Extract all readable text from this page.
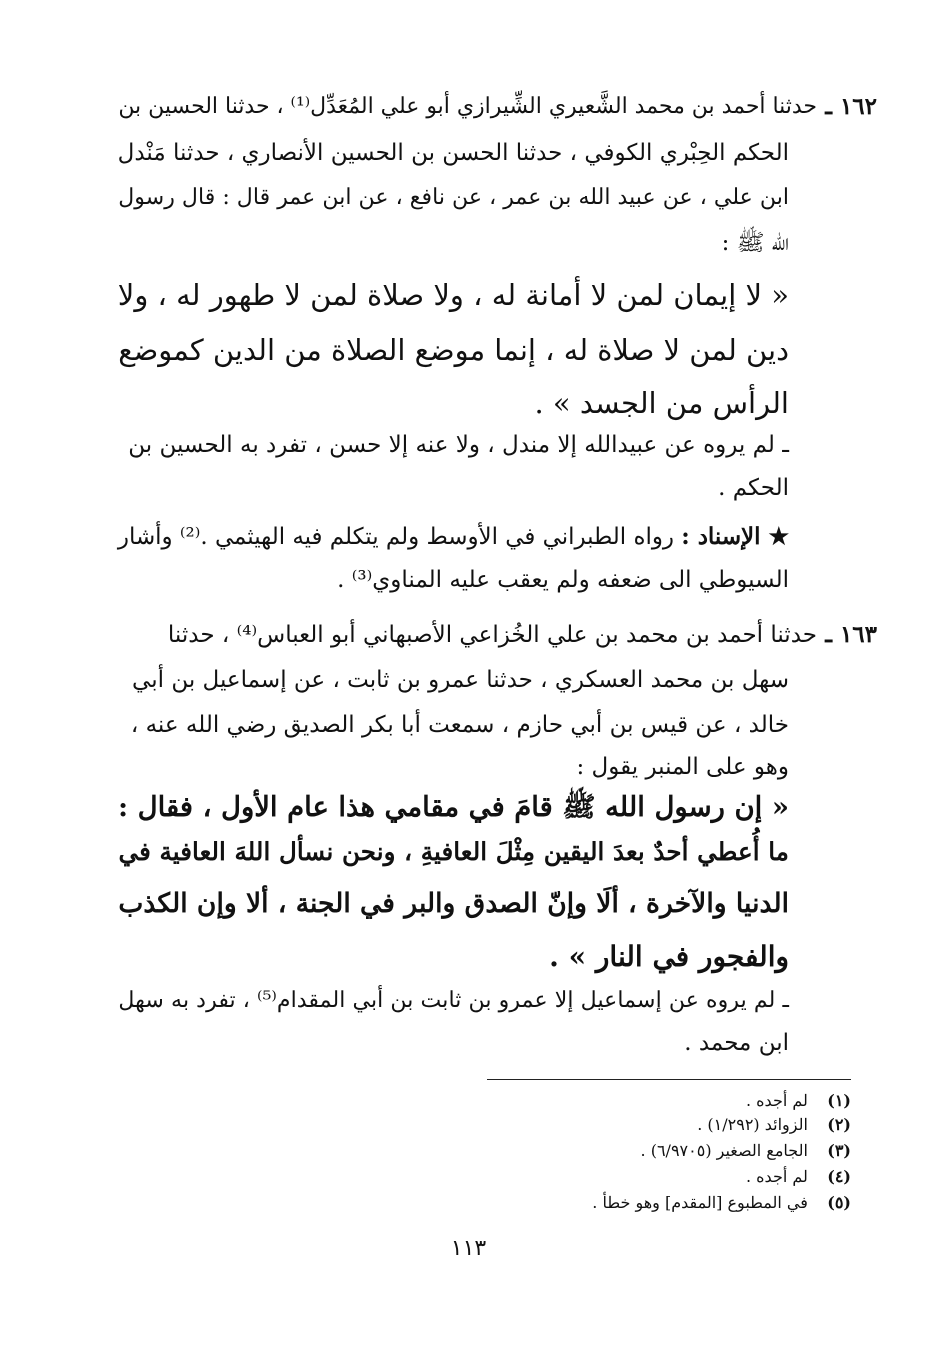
١٦٢ ـ
حدثنا أحمد بن محمد الشَّعيري الشِّيرازي أبو علي المُعَدِّل⁽¹⁾ ، حدثنا الحسين بن
الحكم الحِبْري الكوفي ، حدثنا الحسن بن الحسين الأنصاري ، حدثنا مَنْدل
ابن علي ، عن عبيد الله بن عمر ، عن نافع ، عن ابن عمر قال : قال رسول
الله ﷺ :
« لا إيمان لمن لا أمانة له ، ولا صلاة لمن لا طهور له ، ولا
دين لمن لا صلاة له ، إنما موضع الصلاة من الدين كموضع
الرأس من الجسد » .
ـ لم يروه عن عبيدالله إلا مندل ، ولا عنه إلا حسن ، تفرد به الحسين بن
الحكم .
★ الإسناد : رواه الطبراني في الأوسط ولم يتكلم فيه الهيثمي .⁽²⁾ وأشار
السيوطي الى ضعفه ولم يعقب عليه المناوي⁽³⁾ .
١٦٣ ـ
حدثنا أحمد بن محمد بن علي الخُزاعي الأصبهاني أبو العباس⁽⁴⁾ ، حدثنا
سهل بن محمد العسكري ، حدثنا عمرو بن ثابت ، عن إسماعيل بن أبي
خالد ، عن قيس بن أبي حازم ، سمعت أبا بكر الصديق رضي الله عنه ،
وهو على المنبر يقول :
« إن رسول الله ﷺ قامَ في مقامي هذا عام الأول ، فقال :
ما أُعطي أحدٌ بعدَ اليقين مِثْلَ العافيةِ ، ونحن نسأل اللهَ العافية في
الدنيا والآخرة ، ألَا وإنّ الصدق والبر في الجنة ، ألا وإن الكذب
والفجور في النار » .
ـ لم يروه عن إسماعيل إلا عمرو بن ثابت بن أبي المقدام⁽⁵⁾ ، تفرد به سهل
ابن محمد .
(١) لم أجده .
(٢) الزوائد (١/٢٩٢) .
(٣) الجامع الصغير (٦/٩٧٠٥) .
(٤) لم أجده .
(٥) في المطبوع [المقدم] وهو خطأ .
١١٣
